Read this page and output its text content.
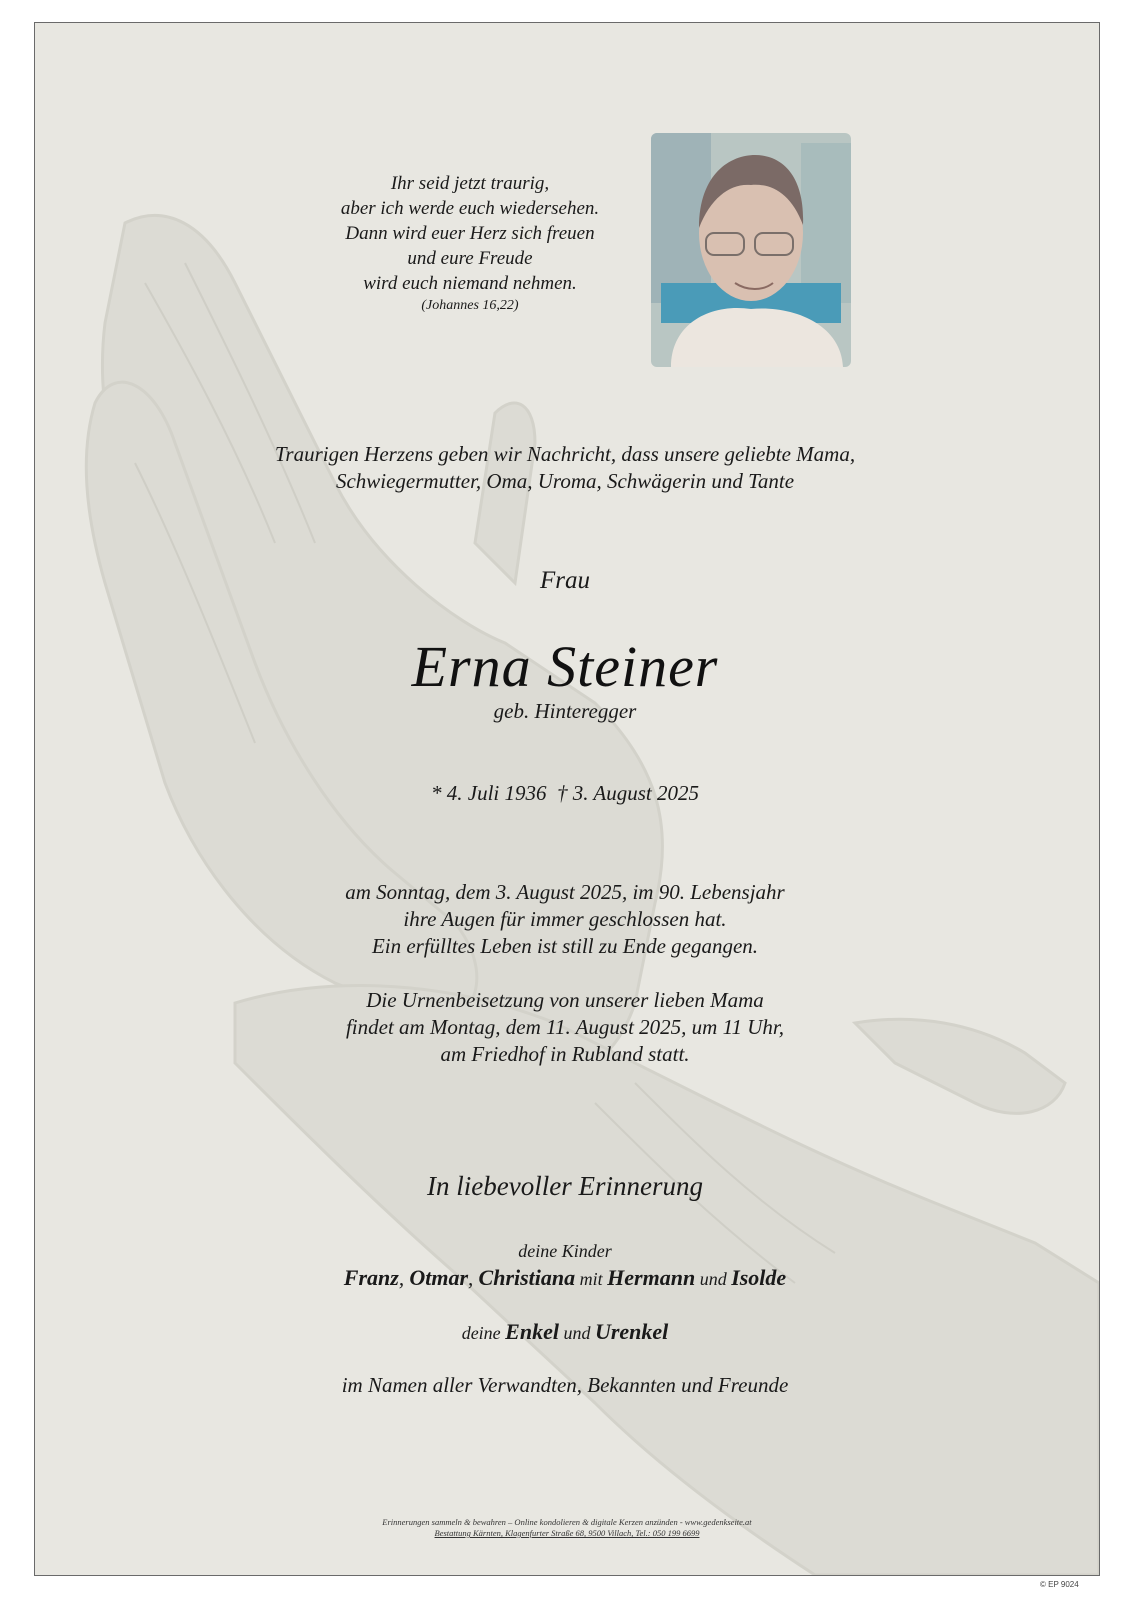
Ihr seid jetzt traurig,
aber ich werde euch wiedersehen.
Dann wird euer Herz sich freuen
und eure Freude
wird euch niemand nehmen.
(Johannes 16,22)
Traurigen Herzens geben wir Nachricht, dass unsere geliebte Mama,
Schwiegermutter, Oma, Uroma, Schwägerin und Tante
Frau
Erna Steiner
geb. Hinteregger
* 4. Juli 1936  † 3. August 2025
am Sonntag, dem 3. August 2025, im 90. Lebensjahr
ihre Augen für immer geschlossen hat.
Ein erfülltes Leben ist still zu Ende gegangen.
Die Urnenbeisetzung von unserer lieben Mama
findet am Montag, dem 11. August 2025, um 11 Uhr,
am Friedhof in Rubland statt.
In liebevoller Erinnerung
deine Kinder
Franz, Otmar, Christiana mit Hermann und Isolde
deine Enkel und Urenkel
im Namen aller Verwandten, Bekannten und Freunde
Erinnerungen sammeln & bewahren – Online kondolieren & digitale Kerzen anzünden - www.gedenkseite.at
Bestattung Kärnten, Klagenfurter Straße 68, 9500 Villach, Tel.: 050 199 6699
© EP 9024
